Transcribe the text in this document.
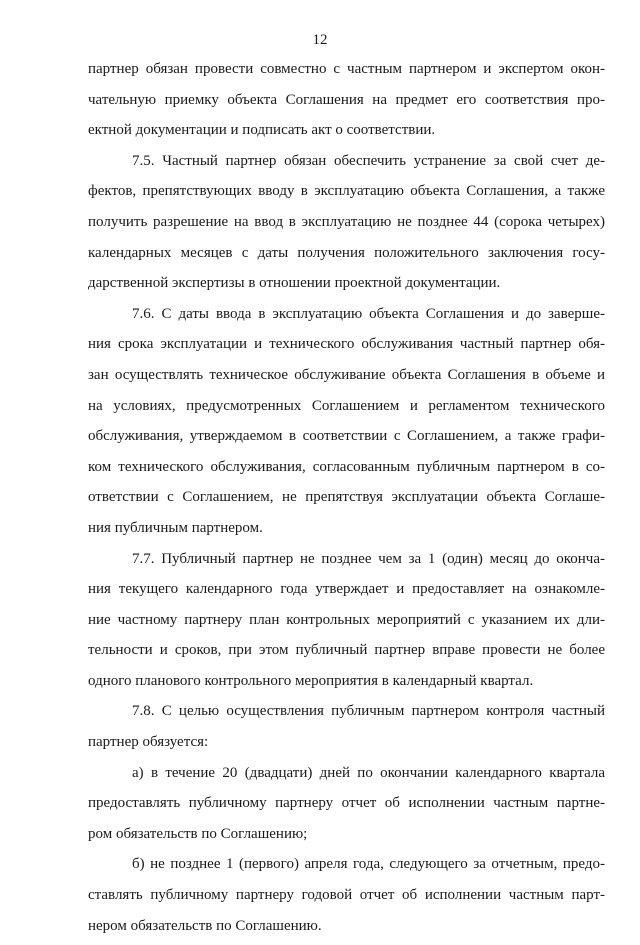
12
партнер обязан провести совместно с частным партнером и экспертом окон-
чательную приемку объекта Соглашения на предмет его соответствия про-
ектной документации и подписать акт о соответствии.
7.5. Частный партнер обязан обеспечить устранение за свой счет де-
фектов, препятствующих вводу в эксплуатацию объекта Соглашения, а также
получить разрешение на ввод в эксплуатацию не позднее 44 (сорока четырех)
календарных месяцев с даты получения положительного заключения госу-
дарственной экспертизы в отношении проектной документации.
7.6. С даты ввода в эксплуатацию объекта Соглашения и до заверше-
ния срока эксплуатации и технического обслуживания частный партнер обя-
зан осуществлять техническое обслуживание объекта Соглашения в объеме и
на условиях, предусмотренных Соглашением и регламентом технического
обслуживания, утверждаемом в соответствии с Соглашением, а также графи-
ком технического обслуживания, согласованным публичным партнером в со-
ответствии с Соглашением, не препятствуя эксплуатации объекта Соглаше-
ния публичным партнером.
7.7. Публичный партнер не позднее чем за 1 (один) месяц до оконча-
ния текущего календарного года утверждает и предоставляет на ознакомле-
ние частному партнеру план контрольных мероприятий с указанием их дли-
тельности и сроков, при этом публичный партнер вправе провести не более
одного планового контрольного мероприятия в календарный квартал.
7.8. С целью осуществления публичным партнером контроля частный
партнер обязуется:
а) в течение 20 (двадцати) дней по окончании календарного квартала
предоставлять публичному партнеру отчет об исполнении частным партне-
ром обязательств по Соглашению;
б) не позднее 1 (первого) апреля года, следующего за отчетным, предо-
ставлять публичному партнеру годовой отчет об исполнении частным парт-
нером обязательств по Соглашению.
